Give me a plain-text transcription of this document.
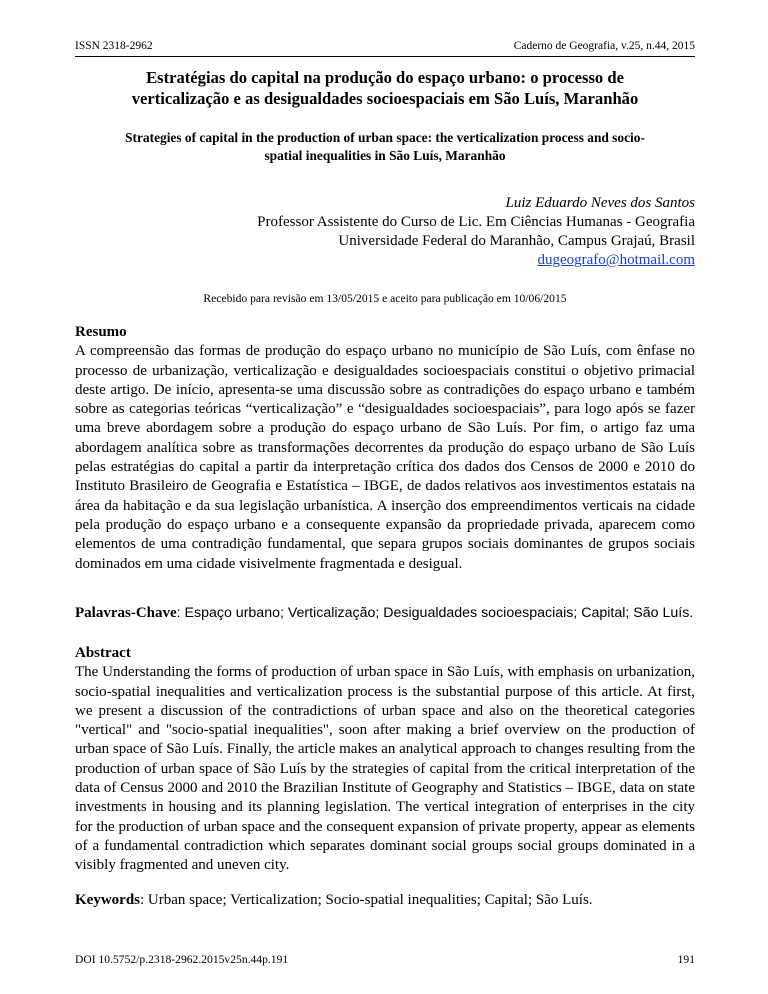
ISSN 2318-2962	Caderno de Geografia, v.25, n.44, 2015
Estratégias do capital na produção do espaço urbano: o processo de
verticalização e as desigualdades socioespaciais em São Luís, Maranhão
Strategies of capital in the production of urban space: the verticalization process and socio-
spatial inequalities in São Luís, Maranhão
Luiz Eduardo Neves dos Santos
Professor Assistente do Curso de Lic. Em Ciências Humanas - Geografia
Universidade Federal do Maranhão, Campus Grajaú, Brasil
dugeografo@hotmail.com
Recebido para revisão em 13/05/2015 e aceito para publicação em 10/06/2015
Resumo

A compreensão das formas de produção do espaço urbano no município de São Luís, com ênfase no processo de urbanização, verticalização e desigualdades socioespaciais constitui o objetivo primacial deste artigo. De início, apresenta-se uma discussão sobre as contradições do espaço urbano e também sobre as categorias teóricas “verticalização” e “desigualdades socioespaciais”, para logo após se fazer uma breve abordagem sobre a produção do espaço urbano de São Luís. Por fim, o artigo faz uma abordagem analítica sobre as transformações decorrentes da produção do espaço urbano de São Luís pelas estratégias do capital a partir da interpretação crítica dos dados dos Censos de 2000 e 2010 do Instituto Brasileiro de Geografia e Estatística – IBGE, de dados relativos aos investimentos estatais na área da habitação e da sua legislação urbanística. A inserção dos empreendimentos verticais na cidade pela produção do espaço urbano e a consequente expansão da propriedade privada, aparecem como elementos de uma contradição fundamental, que separa grupos sociais dominantes de grupos sociais dominados em uma cidade visivelmente fragmentada e desigual.

Palavras-Chave: Espaço urbano; Verticalização; Desigualdades socioespaciais; Capital; São Luís.
Abstract

The Understanding the forms of production of urban space in São Luís, with emphasis on urbanization, socio-spatial inequalities and verticalization process is the substantial purpose of this article. At first, we present a discussion of the contradictions of urban space and also on the theoretical categories "vertical" and "socio-spatial inequalities", soon after making a brief overview on the production of urban space of São Luís. Finally, the article makes an analytical approach to changes resulting from the production of urban space of São Luís by the strategies of capital from the critical interpretation of the data of Census 2000 and 2010 the Brazilian Institute of Geography and Statistics – IBGE, data on state investments in housing and its planning legislation. The vertical integration of enterprises in the city for the production of urban space and the consequent expansion of private property, appear as elements of a fundamental contradiction which separates dominant social groups social groups dominated in a visibly fragmented and uneven city.

Keywords: Urban space; Verticalization; Socio-spatial inequalities; Capital; São Luís.
DOI 10.5752/p.2318-2962.2015v25n.44p.191	191
